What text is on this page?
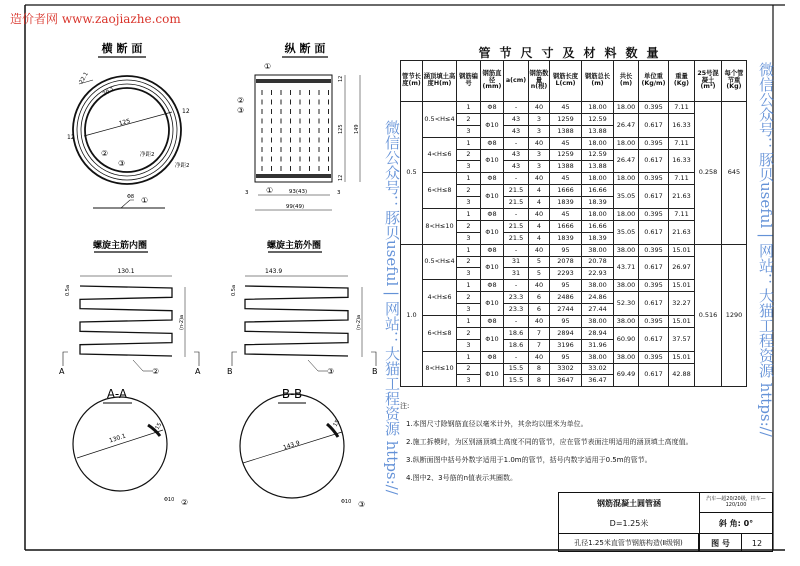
横 断 面
125
22.1
20.1
12
12
②
③
净距2
净距2
Φ8 ①
纵 断 面
①
②
③
12
125
12
149
3	3
①	93(43)
99(49)
螺旋主筋内圈
130.1
0.5a
(n-2)a
A	A
②
螺旋主筋外圈
143.9
0.5a
(n-2)a
B	B
③
A-A
130.1
15
Φ10 ②
B-B
143.9
15
Φ10 ③
造价者网 www.zaojiazhe.com
微信公众号：豚贝useful | 网站：大猫工程资源 https://	微信公众号：豚贝useful | 网站：大猫工程资源 https://
管节尺寸及材料数量
管节长度(m)	涵顶填土高度H(m)	钢筋编号	钢筋直径(mm)	a(cm)	钢筋数量n(根)	钢筋长度L(cm)	钢筋总长(m)	共长(m)	单位重(Kg/m)	重量(Kg)	25号混凝土(m³)	每个管节重(Kg)
0.5	0.5<H≤4	1	Φ8	-	40	45	18.00	18.00	0.395	7.11	0.258	645
		2	Φ10	43	3	1259	12.59	26.47	0.617	16.33		
		3		43	3	1388	13.88					
	4<H≤6	1	Φ8	-	40	45	18.00	18.00	0.395	7.11		
		2	Φ10	43	3	1259	12.59	26.47	0.617	16.33		
		3		43	3	1388	13.88					
	6<H≤8	1	Φ8	-	40	45	18.00	18.00	0.395	7.11		
		2	Φ10	21.5	4	1666	16.66	35.05	0.617	21.63		
		3		21.5	4	1839	18.39					
	8<H≤10	1	Φ8	-	40	45	18.00	18.00	0.395	7.11		
		2	Φ10	21.5	4	1666	16.66	35.05	0.617	21.63		
		3		21.5	4	1839	18.39					
1.0	0.5<H≤4	1	Φ8	-	40	95	38.00	38.00	0.395	15.01	0.516	1290
		2	Φ10	31	5	2078	20.78	43.71	0.617	26.97		
		3		31	5	2293	22.93					
	4<H≤6	1	Φ8	-	40	95	38.00	38.00	0.395	15.01		
		2	Φ10	23.3	6	2486	24.86	52.30	0.617	32.27		
		3		23.3	6	2744	27.44					
	6<H≤8	1	Φ8	-	40	95	38.00	38.00	0.395	15.01		
		2	Φ10	18.6	7	2894	28.94	60.90	0.617	37.57		
		3		18.6	7	3196	31.96					
	8<H≤10	1	Φ8	-	40	95	38.00	38.00	0.395	15.01		
		2	Φ10	15.5	8	3302	33.02	69.49	0.617	42.88		
		3		15.5	8	3647	36.47					
注:
1.本图尺寸除钢筋直径以毫米计外，其余均以厘米为单位。
2.施工拆模时，为区别涵顶填土高度不同的管节，应在管节表面注明适用的涵顶填土高度值。
3.纵断面图中括号外数字适用于1.0m的管节，括号内数字适用于0.5m的管节。
4.图中2、3号筋的n值表示其圈数。
钢筋混凝土圆管涵
D=1.25米
孔径1.25米直管节钢筋构造(Ⅱ级钢)
汽车—超20/20级，挂车—120/100
斜 角: 0°
图 号	12
